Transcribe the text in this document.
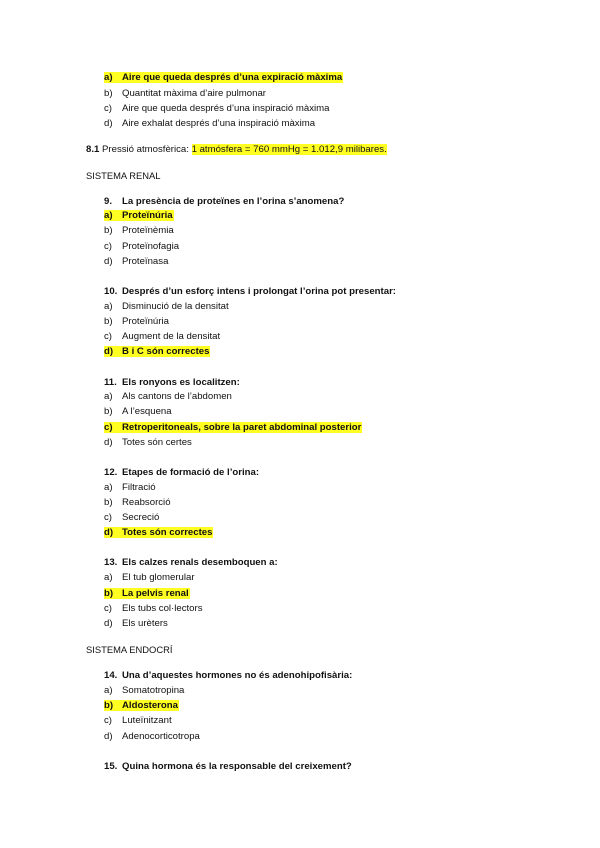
a) Aire que queda després d’una expiració màxima
b) Quantitat màxima d’aire pulmonar
c) Aire que queda després d’una inspiració màxima
d) Aire exhalat després d’una inspiració màxima
8.1 Pressió atmosfèrica: 1 atmósfera = 760 mmHg = 1.012,9 milibares.
SISTEMA RENAL
9. La presència de proteïnes en l’orina s’anomena?
a) Proteïnúria
b) Proteïnèmia
c) Proteïnofagia
d) Proteïnasa
10. Després d’un esforç intens i prolongat l’orina pot presentar:
a) Disminució de la densitat
b) Proteïnúria
c) Augment de la densitat
d) B i C són correctes
11. Els ronyons es localitzen:
a) Als cantons de l’abdomen
b) A l’esquena
c) Retroperitoneals, sobre la paret abdominal posterior
d) Totes són certes
12. Etapes de formació de l’orina:
a) Filtració
b) Reabsorció
c) Secreció
d) Totes són correctes
13. Els calzes renals desemboquen a:
a) El tub glomerular
b) La pelvis renal
c) Els tubs col·lectors
d) Els urèters
SISTEMA ENDOCRÍ
14. Una d’aquestes hormones no és adenohipofisària:
a) Somatotropina
b) Aldosterona
c) Luteïnitzant
d) Adenocorticotropa
15. Quina hormona és la responsable del creixement?
